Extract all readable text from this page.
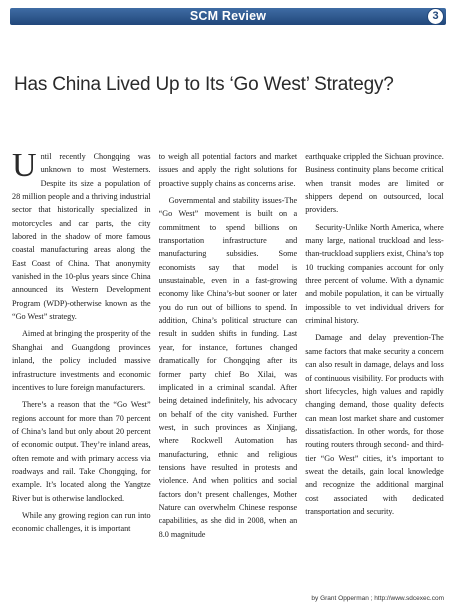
SCM Review	3
Has China Lived Up to Its ‘Go West’ Strategy?

Until recently Chongqing was unknown to most Westerners. Despite its size a population of 28 million people and a thriving industrial sector that historically specialized in motorcycles and car parts, the city labored in the shadow of more famous coastal manufacturing areas along the East Coast of China. That anonymity vanished in the 10-plus years since China announced its Western Development Program (WDP)-otherwise known as the “Go West” strategy.

Aimed at bringing the prosperity of the Shanghai and Guangdong provinces inland, the policy included massive infrastructure investments and economic incentives to lure foreign manufacturers.

There’s a reason that the “Go West” regions account for more than 70 percent of China’s land but only about 20 percent of economic output. They’re inland areas, often remote and with primary access via roadways and rail. Take Chongqing, for example. It’s located along the Yangtze River but is otherwise landlocked.

While any growing region can run into economic challenges, it is important

to weigh all potential factors and market issues and apply the right solutions for proactive supply chains as concerns arise.

Governmental and stability issues-The “Go West” movement is built on a commitment to spend billions on transportation infrastructure and manufacturing subsidies. Some economists say that model is unsustainable, even in a fast-growing economy like China’s-but sooner or later you do run out of billions to spend. In addition, China’s political structure can result in sudden shifts in funding. Last year, for instance, fortunes changed dramatically for Chongqing after its former party chief Bo Xilai, was implicated in a criminal scandal. After being detained indefinitely, his advocacy on behalf of the city vanished. Further west, in such provinces as Xinjiang, where Rockwell Automation has manufacturing, ethnic and religious tensions have resulted in protests and violence. And when politics and social factors don’t present challenges, Mother Nature can overwhelm Chinese response capabilities, as she did in 2008, when an 8.0 magnitude

earthquake crippled the Sichuan province. Business continuity plans become critical when transit modes are limited or shippers depend on outsourced, local providers.

Security-Unlike North America, where many large, national truckload and less-than-truckload suppliers exist, China’s top 10 trucking companies account for only three percent of volume. With a dynamic and mobile population, it can be virtually impossible to vet individual drivers for criminal history.

Damage and delay prevention-The same factors that make security a concern can also result in damage, delays and loss of continuous visibility. For products with short lifecycles, high values and rapidly changing demand, those quality defects can mean lost market share and customer dissatisfaction. In other words, for those routing routers through second- and third-tier “Go West” cities, it’s important to sweat the details, gain local knowledge and recognize the additional marginal cost associated with dedicated transportation and security.

by Grant Opperman ; http://www.sdcexec.com
